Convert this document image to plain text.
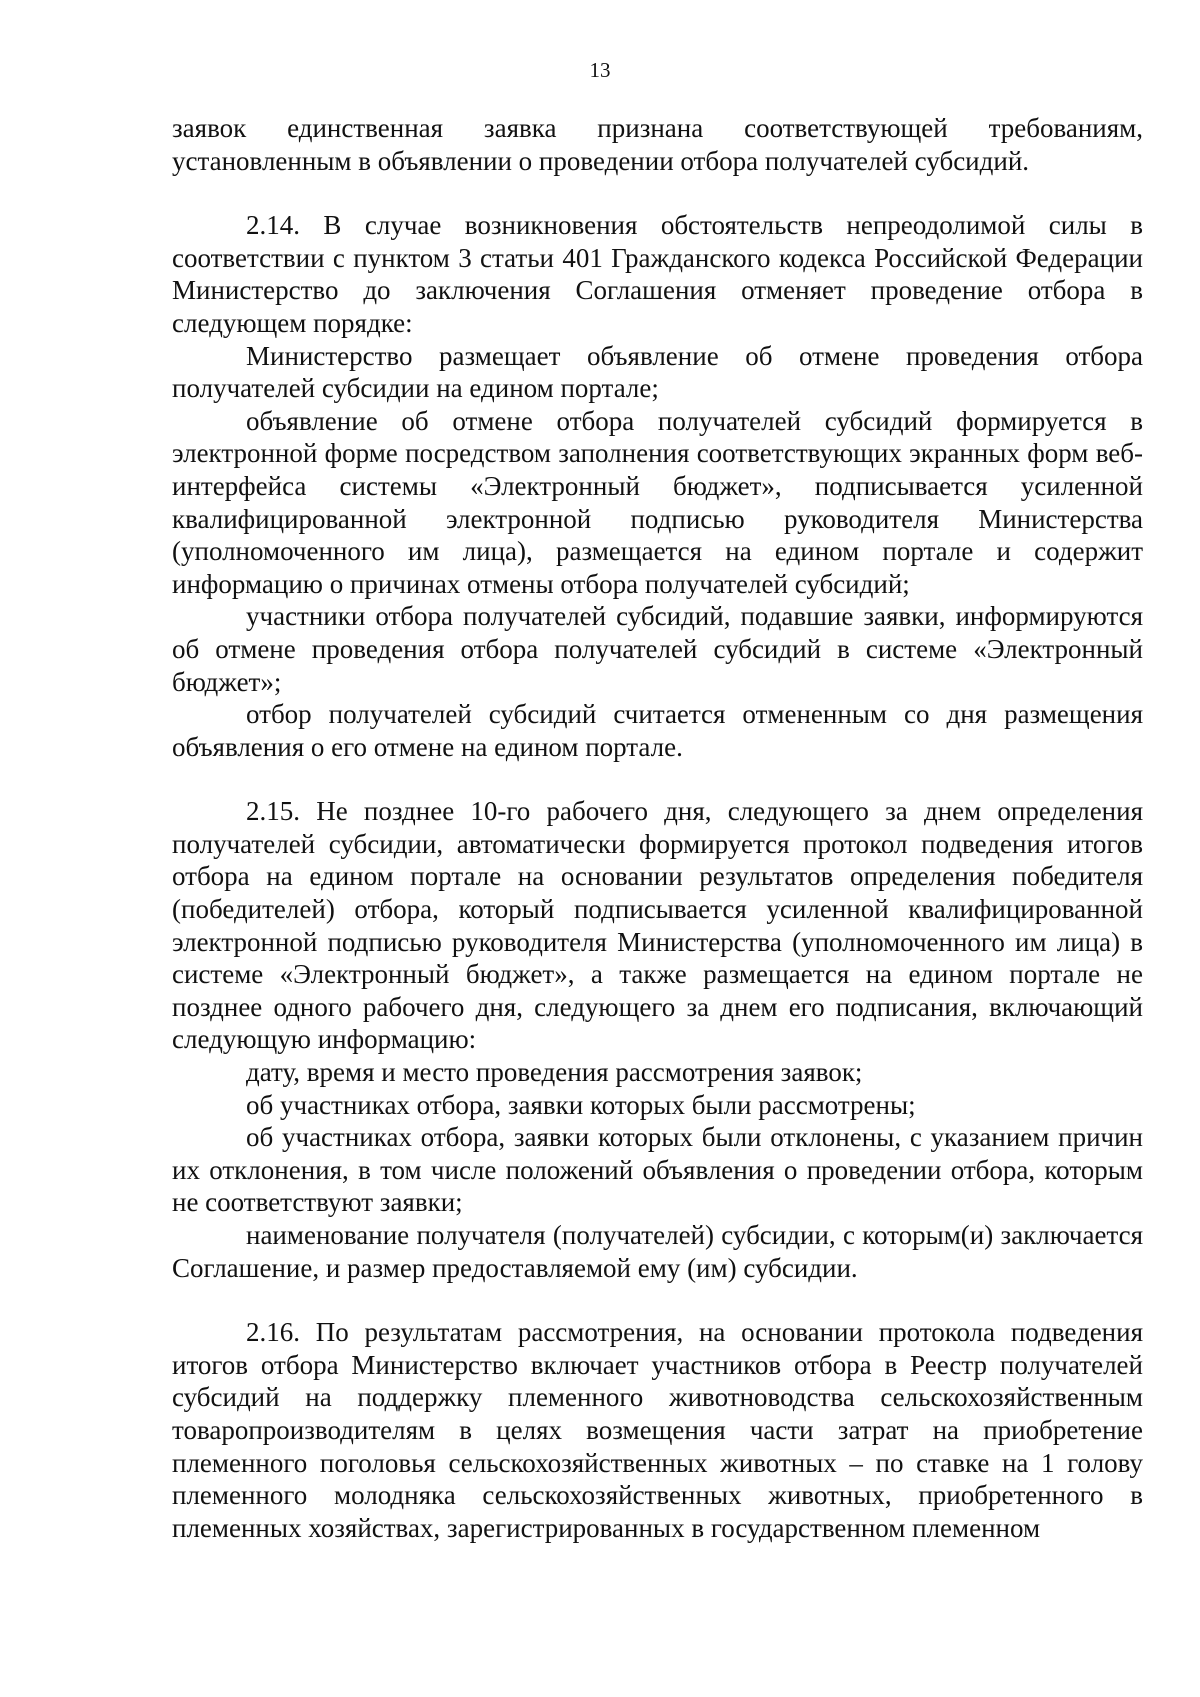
13

заявок единственная заявка признана соответствующей требованиям, установленным в объявлении о проведении отбора получателей субсидий.

2.14. В случае возникновения обстоятельств непреодолимой силы в соответствии с пунктом 3 статьи 401 Гражданского кодекса Российской Федерации Министерство до заключения Соглашения отменяет проведение отбора в следующем порядке:

Министерство размещает объявление об отмене проведения отбора получателей субсидии на едином портале;

объявление об отмене отбора получателей субсидий формируется в электронной форме посредством заполнения соответствующих экранных форм веб-интерфейса системы «Электронный бюджет», подписывается усиленной квалифицированной электронной подписью руководителя Министерства (уполномоченного им лица), размещается на едином портале и содержит информацию о причинах отмены отбора получателей субсидий;

участники отбора получателей субсидий, подавшие заявки, информируются об отмене проведения отбора получателей субсидий в системе «Электронный бюджет»;

отбор получателей субсидий считается отмененным со дня размещения объявления о его отмене на едином портале.

2.15. Не позднее 10-го рабочего дня, следующего за днем определения получателей субсидии, автоматически формируется протокол подведения итогов отбора на едином портале на основании результатов определения победителя (победителей) отбора, который подписывается усиленной квалифицированной электронной подписью руководителя Министерства (уполномоченного им лица) в системе «Электронный бюджет», а также размещается на едином портале не позднее одного рабочего дня, следующего за днем его подписания, включающий следующую информацию:

дату, время и место проведения рассмотрения заявок;

об участниках отбора, заявки которых были рассмотрены;

об участниках отбора, заявки которых были отклонены, с указанием причин их отклонения, в том числе положений объявления о проведении отбора, которым не соответствуют заявки;

наименование получателя (получателей) субсидии, с которым(и) заключается Соглашение, и размер предоставляемой ему (им) субсидии.

2.16. По результатам рассмотрения, на основании протокола подведения итогов отбора Министерство включает участников отбора в Реестр получателей субсидий на поддержку племенного животноводства сельскохозяйственным товаропроизводителям в целях возмещения части затрат на приобретение племенного поголовья сельскохозяйственных животных – по ставке на 1 голову племенного молодняка сельскохозяйственных животных, приобретенного в племенных хозяйствах, зарегистрированных в государственном племенном
